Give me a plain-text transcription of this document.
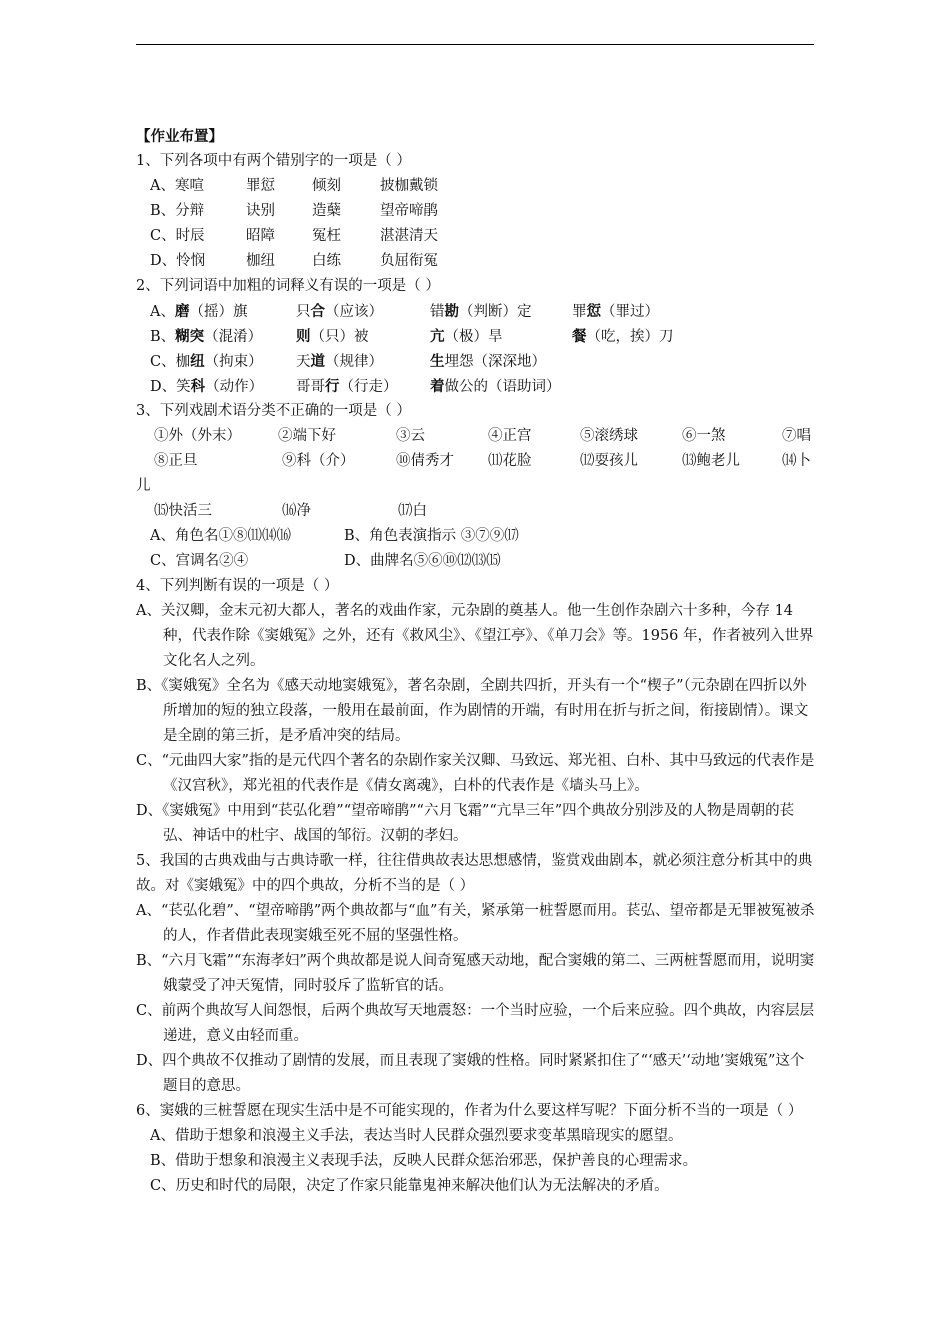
【作业布置】
1、下列各项中有两个错别字的一项是（ ）
A、寒喧	罪愆	倾刻	披枷戴锁
B、分辩	诀别	造蘖	望帝啼鹃
C、时辰	昭障	冤枉	湛湛清天
D、怜悯	枷纽	白练	负屈衔冤
2、下列词语中加粗的词释义有误的一项是（ ）
A、磨（摇）旗	只合（应该）	错勘（判断）定	罪愆（罪过）
B、糊突（混淆） 则（只）被	亢（极）旱	餐（吃，挨）刀
C、枷纽（拘束） 天道（规律）	生埋怨（深深地）
D、笑科（动作） 哥哥行（行走） 着做公的（语助词）
3、下列戏剧术语分类不正确的一项是（ ）
①外（外末）	②端下好	③云	④正宫	⑤滚绣球	⑥一煞	⑦唱
⑧正旦	⑨科（介）	⑩倩秀才 ⑾花脸	⑿耍孩儿	⒀鲍老儿	⒁卜
儿
⒂快活三	⒃净	⒄白
A、角色名①⑧⑾⒁⒃	B、角色表演指示 ③⑦⑨⒄
C、宫调名②④	D、曲牌名⑤⑥⑩⑿⒀⒂
4、下列判断有误的一项是（ ）
A、关汉卿，金末元初大都人，著名的戏曲作家，元杂剧的奠基人。他一生创作杂剧六十多种，今存 14 种，代表作除《窦娥冤》之外，还有《救风尘》、《望江亭》、《单刀会》等。1956 年，作者被列入世界文化名人之列。
B、《窦娥冤》全名为《感天动地窦娥冤》，著名杂剧，全剧共四折，开头有一个“楔子”（元杂剧在四折以外所增加的短的独立段落，一般用在最前面，作为剧情的开端，有时用在折与折之间，衔接剧情）。课文是全剧的第三折，是矛盾冲突的结局。
C、“元曲四大家”指的是元代四个著名的杂剧作家关汉卿、马致远、郑光祖、白朴、其中马致远的代表作是《汉宫秋》，郑光祖的代表作是《倩女离魂》，白朴的代表作是《墙头马上》。
D、《窦娥冤》中用到“苌弘化碧”“望帝啼鹃”“六月飞霜”“亢旱三年”四个典故分别涉及的人物是周朝的苌弘、神话中的杜宇、战国的邹衍。汉朝的孝妇。
5、我国的古典戏曲与古典诗歌一样，往往借典故表达思想感情，鉴赏戏曲剧本，就必须注意分析其中的典故。对《窦娥冤》中的四个典故，分析不当的是（ ）
A、“苌弘化碧”、“望帝啼鹃”两个典故都与“血”有关，紧承第一桩誓愿而用。苌弘、望帝都是无罪被冤被杀的人，作者借此表现窦娥至死不屈的坚强性格。
B、“六月飞霜”“东海孝妇”两个典故都是说人间奇冤感天动地，配合窦娥的第二、三两桩誓愿而用，说明窦娥蒙受了冲天冤情，同时驳斥了监斩官的话。
C、前两个典故写人间怨恨，后两个典故写天地震怒：一个当时应验，一个后来应验。四个典故，内容层层递进，意义由轻而重。
D、四个典故不仅推动了剧情的发展，而且表现了窦娥的性格。同时紧紧扣住了“‘感天’‘动地’窦娥冤”这个题目的意思。
6、窦娥的三桩誓愿在现实生活中是不可能实现的，作者为什么要这样写呢？下面分析不当的一项是（ ）
A、借助于想象和浪漫主义手法，表达当时人民群众强烈要求变革黑暗现实的愿望。
B、借助于想象和浪漫主义表现手法，反映人民群众惩治邪恶，保护善良的心理需求。
C、历史和时代的局限，决定了作家只能靠鬼神来解决他们认为无法解决的矛盾。
